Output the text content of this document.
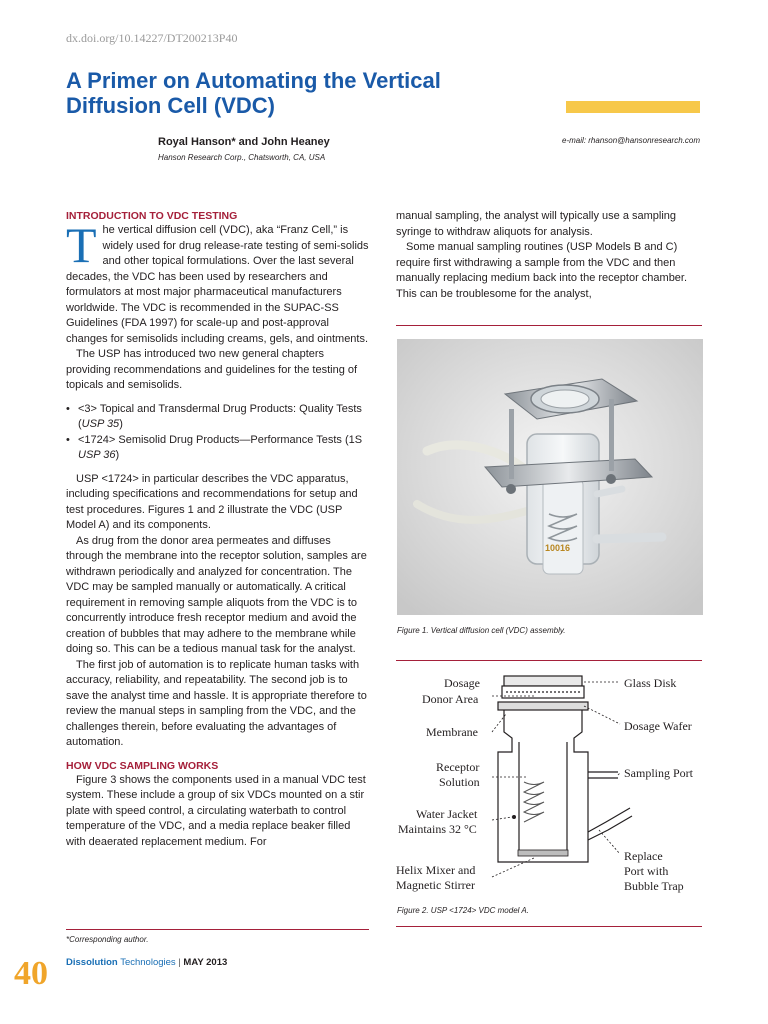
dx.doi.org/10.14227/DT200213P40
A Primer on Automating the Vertical
Diffusion Cell (VDC)
Royal Hanson* and John Heaney
Hanson Research Corp., Chatsworth, CA, USA
e-mail: rhanson@hansonresearch.com
INTRODUCTION TO VDC TESTING

The vertical diffusion cell (VDC), aka “Franz Cell,” is widely used for drug release-rate testing of semi-solids and other topical formulations. Over the last several decades, the VDC has been used by researchers and formulators at most major pharmaceutical manufacturers worldwide. The VDC is recommended in the SUPAC-SS Guidelines (FDA 1997) for scale-up and post-approval changes for semisolids including creams, gels, and ointments.

The USP has introduced two new general chapters providing recommendations and guidelines for the testing of topicals and semisolids.

• <3> Topical and Transdermal Drug Products: Quality Tests (USP 35)
• <1724> Semisolid Drug Products—Performance Tests (1S USP 36)

USP <1724> in particular describes the VDC apparatus, including specifications and recommendations for setup and test procedures. Figures 1 and 2 illustrate the VDC (USP Model A) and its components.

As drug from the donor area permeates and diffuses through the membrane into the receptor solution, samples are withdrawn periodically and analyzed for concentration. The VDC may be sampled manually or automatically. A critical requirement in removing sample aliquots from the VDC is to concurrently introduce fresh receptor medium and avoid the creation of bubbles that may adhere to the membrane while doing so. This can be a tedious manual task for the analyst.

The first job of automation is to replicate human tasks with accuracy, reliability, and repeatability. The second job is to save the analyst time and hassle. It is appropriate therefore to review the manual steps in sampling from the VDC, and the challenges therein, before evaluating the advantages of automation.

HOW VDC SAMPLING WORKS

Figure 3 shows the components used in a manual VDC test system. These include a group of six VDCs mounted on a stir plate with speed control, a circulating waterbath to control temperature of the VDC, and a media replace beaker filled with deaerated replacement medium. For

manual sampling, the analyst will typically use a sampling syringe to withdraw aliquots for analysis.

Some manual sampling routines (USP Models B and C) require first withdrawing a sample from the VDC and then manually replacing medium back into the receptor chamber. This can be troublesome for the analyst,

10016
Figure 1. Vertical diffusion cell (VDC) assembly.
Dosage
Donor Area
Membrane
Receptor
Solution
Water Jacket
Maintains 32 °C
Helix Mixer and
Magnetic Stirrer
Glass Disk
Dosage Wafer
Sampling Port
Replace
Port with
Bubble Trap
Figure 2. USP <1724> VDC model A.
*Corresponding author.
40 Dissolution Technologies | MAY 2013
